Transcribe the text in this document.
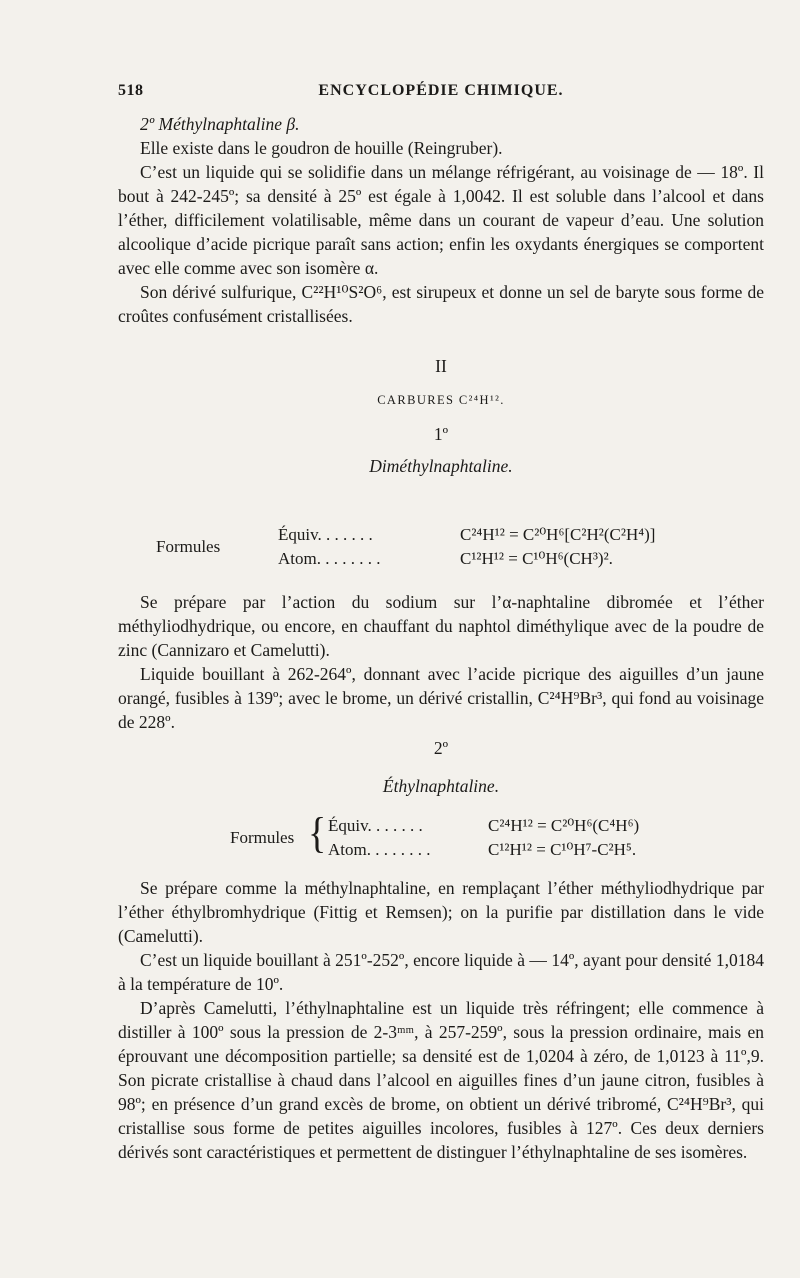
518	ENCYCLOPÉDIE CHIMIQUE.

2º Méthylnaphtaline β.

Elle existe dans le goudron de houille (Reingruber).

C’est un liquide qui se solidifie dans un mélange réfrigérant, au voisinage de — 18º. Il bout à 242-245º; sa densité à 25º est égale à 1,0042. Il est soluble dans l’alcool et dans l’éther, difficilement volatilisable, même dans un courant de vapeur d’eau. Une solution alcoolique d’acide picrique paraît sans action; enfin les oxydants énergiques se comportent avec elle comme avec son isomère α.

Son dérivé sulfurique, C²²H¹⁰S²O⁶, est sirupeux et donne un sel de baryte sous forme de croûtes confusément cristallisées.

II

CARBURES C²⁴H¹².

1º

Diméthylnaphtaline.

Formules
Équiv. . . . . . .	C²⁴H¹² = C²⁰H⁶[C²H²(C²H⁴)]
Atom. . . . . . . .	C¹²H¹² = C¹⁰H⁶(CH³)².

Se prépare par l’action du sodium sur l’α-naphtaline dibromée et l’éther méthyliodhydrique, ou encore, en chauffant du naphtol diméthylique avec de la poudre de zinc (Cannizaro et Camelutti).

Liquide bouillant à 262-264º, donnant avec l’acide picrique des aiguilles d’un jaune orangé, fusibles à 139º; avec le brome, un dérivé cristallin, C²⁴H⁹Br³, qui fond au voisinage de 228º.

2º

Éthylnaphtaline.

Formules { Équiv. . . . . . .	C²⁴H¹² = C²⁰H⁶(C⁴H⁶)
Atom. . . . . . . .	C¹²H¹² = C¹⁰H⁷-C²H⁵.

Se prépare comme la méthylnaphtaline, en remplaçant l’éther méthyliodhydrique par l’éther éthylbromhydrique (Fittig et Remsen); on la purifie par distillation dans le vide (Camelutti).

C’est un liquide bouillant à 251º-252º, encore liquide à — 14º, ayant pour densité 1,0184 à la température de 10º.

D’après Camelutti, l’éthylnaphtaline est un liquide très réfringent; elle commence à distiller à 100º sous la pression de 2-3ᵐᵐ, à 257-259º, sous la pression ordinaire, mais en éprouvant une décomposition partielle; sa densité est de 1,0204 à zéro, de 1,0123 à 11º,9. Son picrate cristallise à chaud dans l’alcool en aiguilles fines d’un jaune citron, fusibles à 98º; en présence d’un grand excès de brome, on obtient un dérivé tribromé, C²⁴H⁹Br³, qui cristallise sous forme de petites aiguilles incolores, fusibles à 127º. Ces deux derniers dérivés sont caractéristiques et permettent de distinguer l’éthylnaphtaline de ses isomères.
